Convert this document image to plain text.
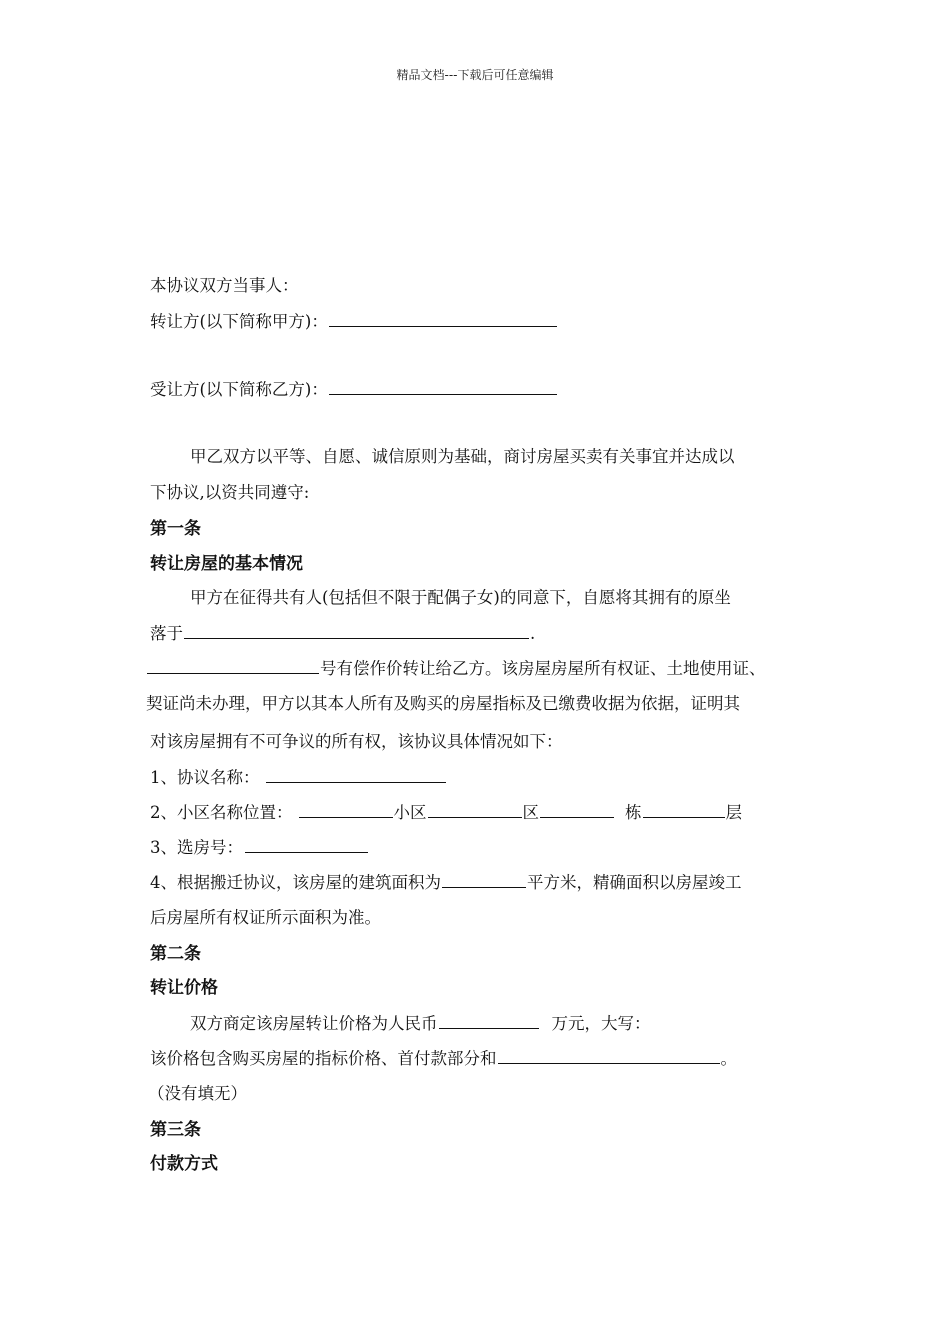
精品文档---下载后可任意编辑
本协议双方当事人：
转让方(以下简称甲方)：
受让方(以下简称乙方)：
甲乙双方以平等、自愿、诚信原则为基础，商讨房屋买卖有关事宜并达成以
下协议,以资共同遵守:
第一条
转让房屋的基本情况
甲方在征得共有人(包括但不限于配偶子女)的同意下，自愿将其拥有的原坐
落于	.
号有偿作价转让给乙方。该房屋房屋所有权证、土地使用证、
契证尚未办理，甲方以其本人所有及购买的房屋指标及已缴费收据为依据，证明其
对该房屋拥有不可争议的所有权，该协议具体情况如下：
1、协议名称：
2、小区名称位置：	小区	区	栋	层
3、选房号：
4、根据搬迁协议，该房屋的建筑面积为	平方米，精确面积以房屋竣工
后房屋所有权证所示面积为准。
第二条
转让价格
双方商定该房屋转让价格为人民币	万元，大写：
该价格包含购买房屋的指标价格、首付款部分和	。
（没有填无）
第三条
付款方式
